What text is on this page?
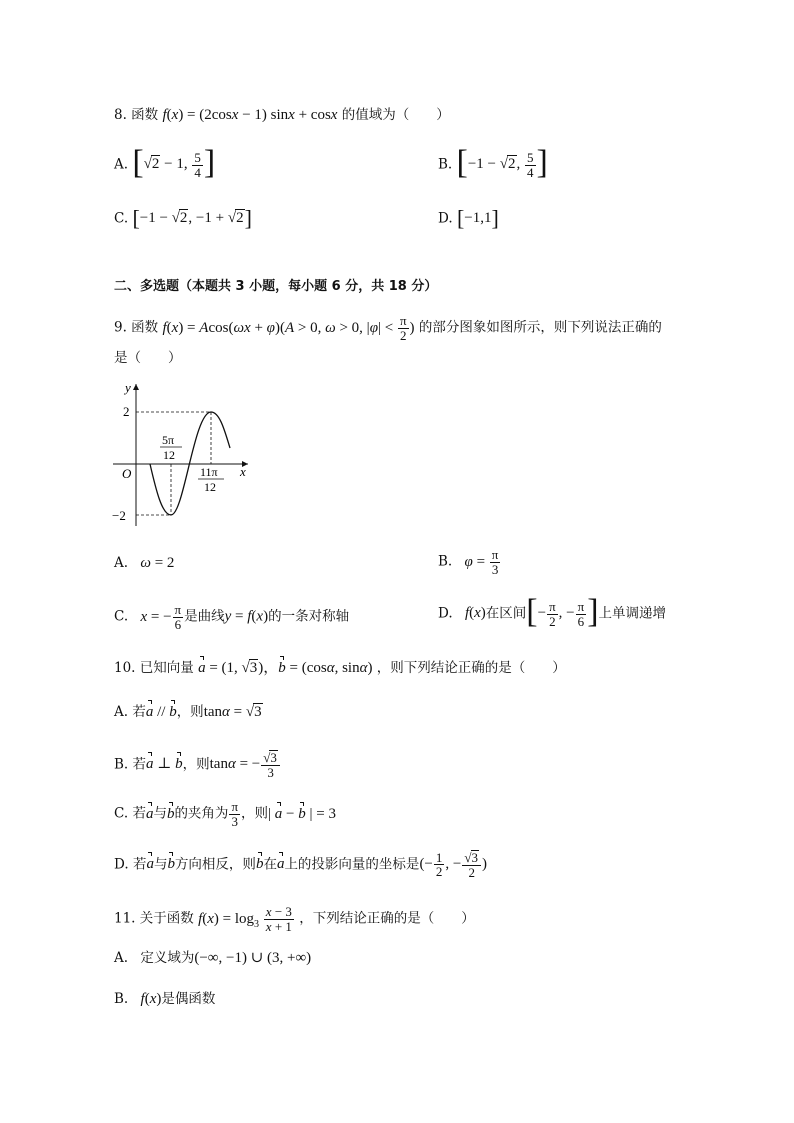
8. 函数 f(x) = (2cosx − 1) sinx + cosx 的值域为（　　）
A. [√2 − 1, $\frac{5}{4}$ ]	B. [−1 − √2, $\frac{5}{4}$ ]
C. [−1 − √2, −1 + √2]	D. [−1,1]
二、多选题（本题共 3 小题，每小题 6 分，共 18 分）
9. 函数 f(x) = Acos(ωx + φ)(A > 0, ω > 0, $|\varphi| < \frac{\pi}{2}$ ) 的部分图象如图所示，则下列说法正确的
是（　　）
y
x
O
2
−2
5π
12
11π
12
A. ω = 2	B. $\varphi = \frac{\pi}{3}$
C. x = − $\frac{\pi}{6}$ 是曲线y = f(x)的一条对称轴	D. f(x)在区间[− $\frac{\pi}{2}$ , − $\frac{\pi}{6}$ ]上单调递增
10. 已知向量 a = (1, √3)，b = (cosα, sinα) ，则下列结论正确的是（　　）
A. 若a // b，则tanα = √3
B. 若a ⊥ b，则tanα = − $\frac{√3}{3}$
C. 若a与b的夹角为 $\frac{\pi}{3}$ ，则| a − b | = 3
D. 若a与b方向相反，则b在a上的投影向量的坐标是(− $\frac{1}{2}$ , − $\frac{√3}{2}$ )
11. 关于函数 $f(x) = \log_3 \frac{x - 3}{x + 1}$ ，下列结论正确的是（　　）
A. 定义域为(−∞, −1) ∪ (3, +∞)
B. f(x)是偶函数
